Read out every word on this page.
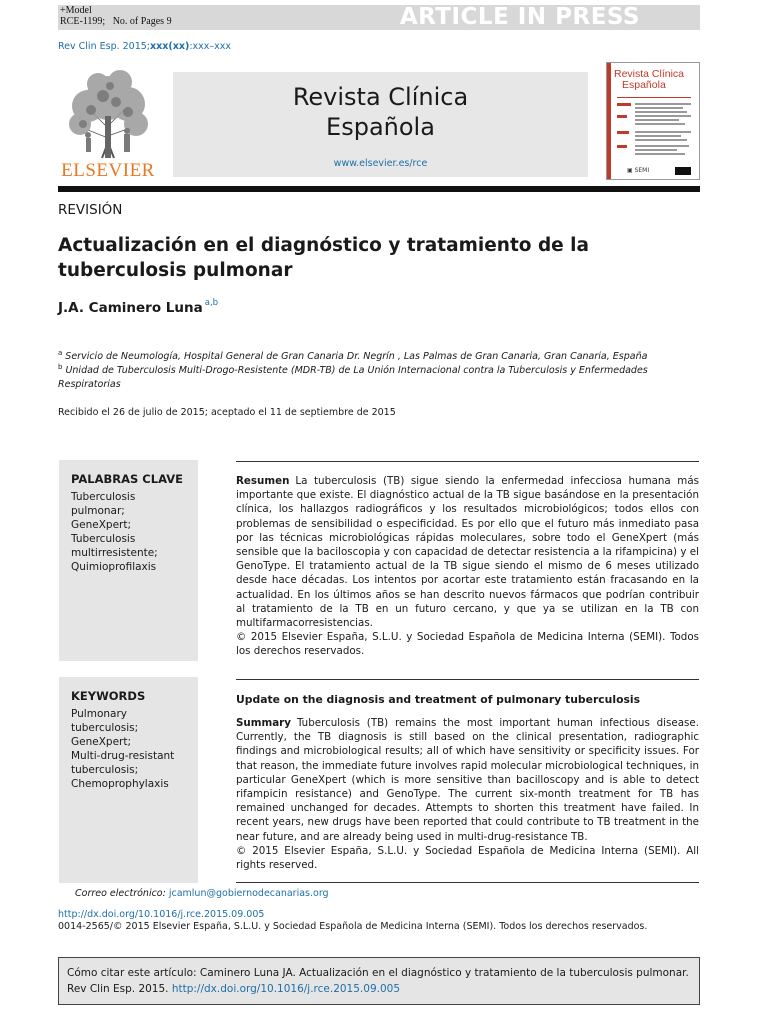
+Model
RCE-1199; No. of Pages 9	ARTICLE IN PRESS
Rev Clin Esp. 2015;xxx(xx):xxx–xxx
ELSEVIER
Revista Clínica
Española
www.elsevier.es/rce
Revista Clínica
Española
▣ SEMI
REVISIÓN
Actualización en el diagnóstico y tratamiento de la
tuberculosis pulmonar
J.A. Caminero Luna $^{a,b}$
$^a$ Servicio de Neumología, Hospital General de Gran Canaria Dr. Negrín , Las Palmas de Gran Canaria, Gran Canaria, España
$^b$ Unidad de Tuberculosis Multi-Drogo-Resistente (MDR-TB) de La Unión Internacional contra la Tuberculosis y Enfermedades Respiratorias
Recibido el 26 de julio de 2015; aceptado el 11 de septiembre de 2015
PALABRAS CLAVE
Tuberculosis
pulmonar;
GeneXpert;
Tuberculosis
multirresistente;
Quimioprofilaxis
Resumen La tuberculosis (TB) sigue siendo la enfermedad infecciosa humana más importante que existe. El diagnóstico actual de la TB sigue basándose en la presentación clínica, los hallazgos radiográficos y los resultados microbiológicos; todos ellos con problemas de sensibilidad o especificidad. Es por ello que el futuro más inmediato pasa por las técnicas microbiológicas rápidas moleculares, sobre todo el GeneXpert (más sensible que la baciloscopia y con capacidad de detectar resistencia a la rifampicina) y el GenoType. El tratamiento actual de la TB sigue siendo el mismo de 6 meses utilizado desde hace décadas. Los intentos por acortar este tratamiento están fracasando en la actualidad. En los últimos años se han descrito nuevos fármacos que podrían contribuir al tratamiento de la TB en un futuro cercano, y que ya se utilizan en la TB con multifarmacorresistencias.
© 2015 Elsevier España, S.L.U. y Sociedad Española de Medicina Interna (SEMI). Todos los derechos reservados.
KEYWORDS
Pulmonary
tuberculosis;
GeneXpert;
Multi-drug-resistant
tuberculosis;
Chemoprophylaxis
Update on the diagnosis and treatment of pulmonary tuberculosis
Summary Tuberculosis (TB) remains the most important human infectious disease. Currently, the TB diagnosis is still based on the clinical presentation, radiographic findings and microbiological results; all of which have sensitivity or specificity issues. For that reason, the immediate future involves rapid molecular microbiological techniques, in particular GeneXpert (which is more sensitive than bacilloscopy and is able to detect rifampicin resistance) and GenoType. The current six-month treatment for TB has remained unchanged for decades. Attempts to shorten this treatment have failed. In recent years, new drugs have been reported that could contribute to TB treatment in the near future, and are already being used in multi-drug-resistance TB.
© 2015 Elsevier España, S.L.U. y Sociedad Española de Medicina Interna (SEMI). All rights reserved.
Correo electrónico: jcamlun@gobiernodecanarias.org
http://dx.doi.org/10.1016/j.rce.2015.09.005
0014-2565/© 2015 Elsevier España, S.L.U. y Sociedad Española de Medicina Interna (SEMI). Todos los derechos reservados.
Cómo citar este artículo: Caminero Luna JA. Actualización en el diagnóstico y tratamiento de la tuberculosis pulmonar. Rev Clin Esp. 2015. http://dx.doi.org/10.1016/j.rce.2015.09.005
